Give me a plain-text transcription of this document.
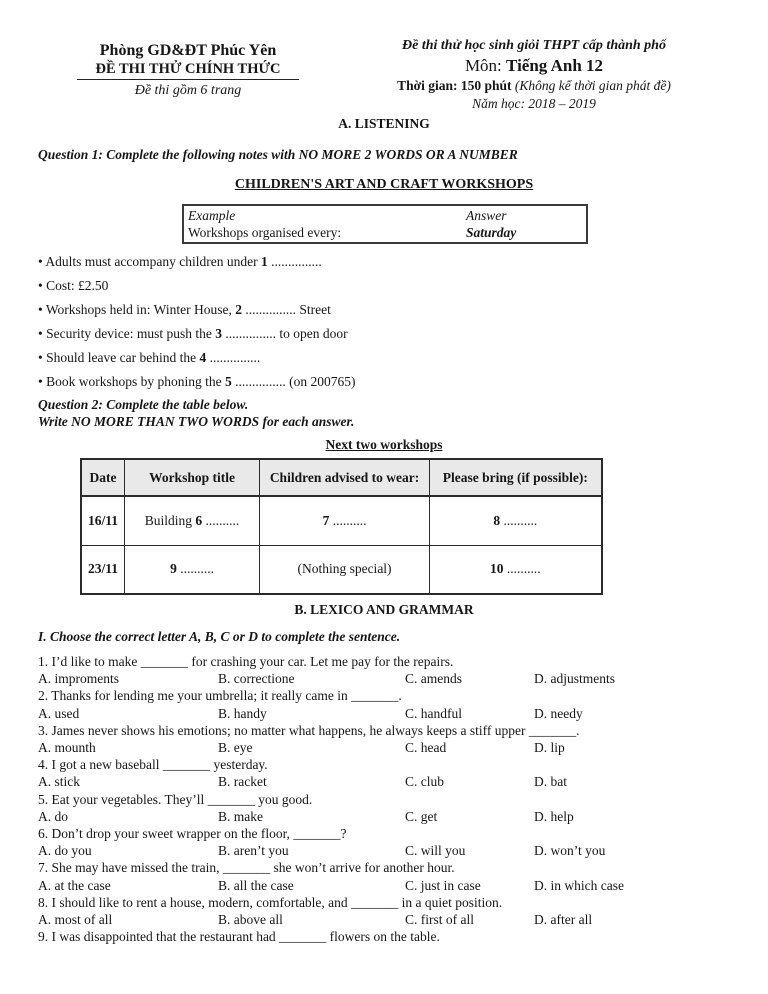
Phòng GD&ĐT Phúc Yên
ĐỀ THI THỬ CHÍNH THỨC
Đề thi gồm 6 trang
Đề thi thử học sinh giỏi THPT cấp thành phố
Môn: Tiếng Anh 12
Thời gian: 150 phút (Không kể thời gian phát đề)
Năm học: 2018 – 2019
A. LISTENING
Question 1: Complete the following notes with NO MORE 2 WORDS OR A NUMBER
CHILDREN'S ART AND CRAFT WORKSHOPS
Example	Answer
Workshops organised every:	Saturday
• Adults must accompany children under 1 ...............
• Cost: £2.50
• Workshops held in: Winter House, 2 ............... Street
• Security device: must push the 3 ............... to open door
• Should leave car behind the 4 ...............
• Book workshops by phoning the 5 ............... (on 200765)
Question 2: Complete the table below.
Write NO MORE THAN TWO WORDS for each answer.
Next two workshops
Date	Workshop title	Children advised to wear:	Please bring (if possible):
16/11	Building 6 ..........	7 ..........	8 ..........
23/11	9 ..........	(Nothing special)	10 ..........
B. LEXICO AND GRAMMAR
I. Choose the correct letter A, B, C or D to complete the sentence.
1. I’d like to make _______ for crashing your car. Let me pay for the repairs.
A. improments	B. correctione	C. amends	D. adjustments
2. Thanks for lending me your umbrella; it really came in _______.
A. used	B. handy	C. handful	D. needy
3. James never shows his emotions; no matter what happens, he always keeps a stiff upper _______.
A. mounth	B. eye	C. head	D. lip
4. I got a new baseball _______ yesterday.
A. stick	B. racket	C. club	D. bat
5. Eat your vegetables. They’ll _______ you good.
A. do	B. make	C. get	D. help
6. Don’t drop your sweet wrapper on the floor, _______?
A. do you	B. aren’t you	C. will you	D. won’t you
7. She may have missed the train, _______ she won’t arrive for another hour.
A. at the case	B. all the case	C. just in case	D. in which case
8. I should like to rent a house, modern, comfortable, and _______ in a quiet position.
A. most of all	B. above all	C. first of all	D. after all
9. I was disappointed that the restaurant had _______ flowers on the table.
